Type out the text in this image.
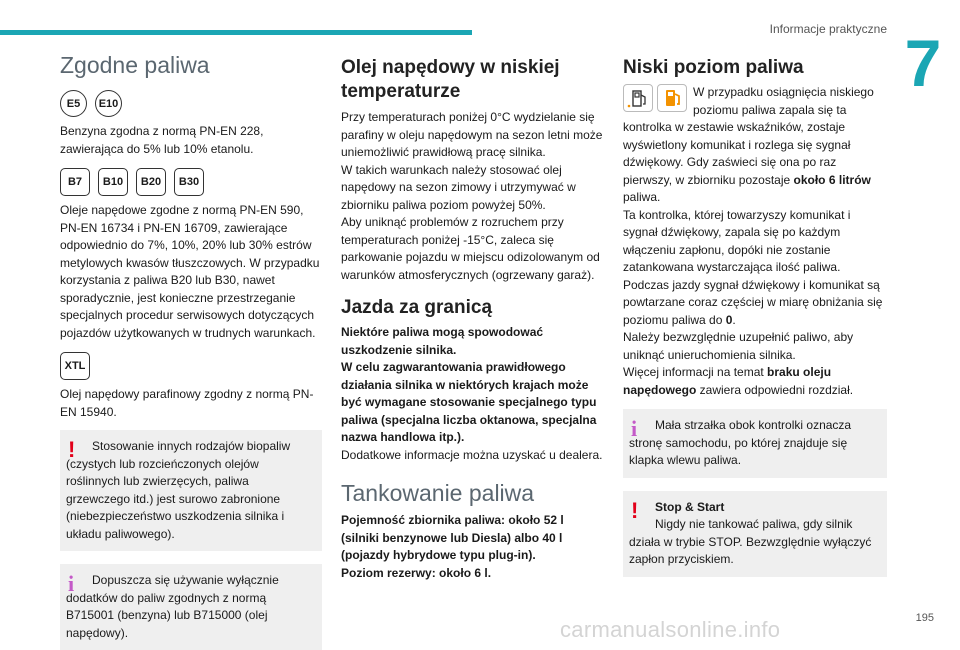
Informacje praktyczne 7
Zgodne paliwa
E5	E10

Benzyna zgodna z normą PN-EN 228, zawierająca do 5% lub 10% etanolu.

B7	B10	B20	B30

Oleje napędowe zgodne z normą PN-EN 590, PN-EN 16734 i PN-EN 16709, zawierające odpowiednio do 7%, 10%, 20% lub 30% estrów metylowych kwasów tłuszczowych. W przypadku korzystania z paliwa B20 lub B30, nawet sporadycznie, jest konieczne przestrzeganie specjalnych procedur serwisowych dotyczących pojazdów użytkowanych w trudnych warunkach.

XTL

Olej napędowy parafinowy zgodny z normą PN-EN 15940.

!	Stosowanie innych rodzajów biopaliw (czystych lub rozcieńczonych olejów roślinnych lub zwierzęcych, paliwa grzewczego itd.) jest surowo zabronione (niebezpieczeństwo uszkodzenia silnika i układu paliwowego).

i	Dopuszcza się używanie wyłącznie dodatków do paliw zgodnych z normą B715001 (benzyna) lub B715000 (olej napędowy).

Olej napędowy w niskiej temperaturze

Przy temperaturach poniżej 0°C wydzielanie się parafiny w oleju napędowym na sezon letni może uniemożliwić prawidłową pracę silnika.

W takich warunkach należy stosować olej napędowy na sezon zimowy i utrzymywać w zbiorniku paliwa poziom powyżej 50%.

Aby uniknąć problemów z rozruchem przy temperaturach poniżej -15°C, zaleca się parkowanie pojazdu w miejscu odizolowanym od warunków atmosferycznych (ogrzewany garaż).

Jazda za granicą

Niektóre paliwa mogą spowodować uszkodzenie silnika.

W celu zagwarantowania prawidłowego działania silnika w niektórych krajach może być wymagane stosowanie specjalnego typu paliwa (specjalna liczba oktanowa, specjalna nazwa handlowa itp.).

Dodatkowe informacje można uzyskać u dealera.

Tankowanie paliwa

Pojemność zbiornika paliwa: około 52 l (silniki benzynowe lub Diesla) albo 40 l (pojazdy hybrydowe typu plug-in).

Poziom rezerwy: około 6 l.

Niski poziom paliwa

W przypadku osiągnięcia niskiego poziomu paliwa zapala się ta kontrolka w zestawie wskaźników, zostaje wyświetlony komunikat i rozlega się sygnał dźwiękowy. Gdy zaświeci się ona po raz pierwszy, w zbiorniku pozostaje około 6 litrów paliwa.

Ta kontrolka, której towarzyszy komunikat i sygnał dźwiękowy, zapala się po każdym włączeniu zapłonu, dopóki nie zostanie zatankowana wystarczająca ilość paliwa.

Podczas jazdy sygnał dźwiękowy i komunikat są powtarzane coraz częściej w miarę obniżania się poziomu paliwa do 0.

Należy bezwzględnie uzupełnić paliwo, aby uniknąć unieruchomienia silnika.

Więcej informacji na temat braku oleju napędowego zawiera odpowiedni rozdział.

i	Mała strzałka obok kontrolki oznacza stronę samochodu, po której znajduje się klapka wlewu paliwa.

!	Stop & Start

Nigdy nie tankować paliwa, gdy silnik działa w trybie STOP. Bezwzględnie wyłączyć zapłon przyciskiem.

carmanualsonline.info	195
